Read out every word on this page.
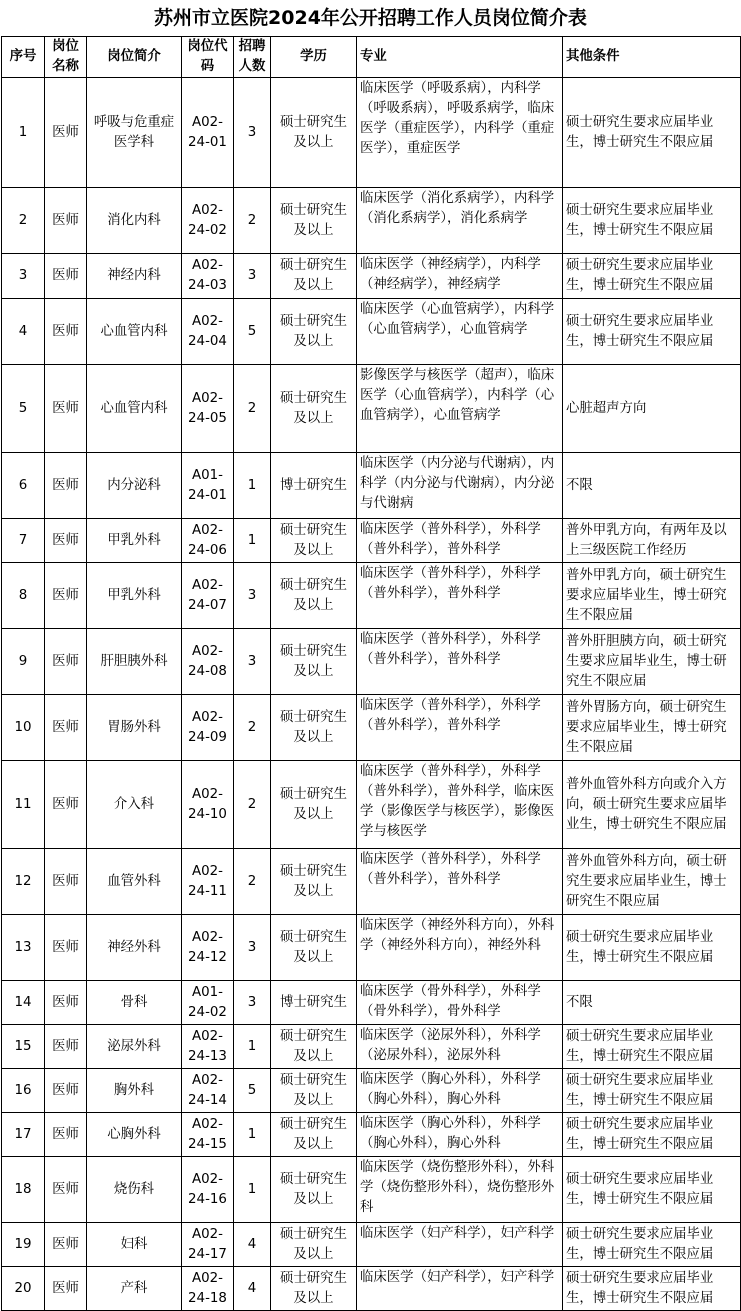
苏州市立医院2024年公开招聘工作人员岗位简介表
序号	岗位名称	岗位简介	岗位代码	招聘人数	学历	专业	其他条件
1	医师	呼吸与危重症医学科	A02-24-01	3	硕士研究生及以上	临床医学（呼吸系病），内科学（呼吸系病），呼吸系病学，临床医学（重症医学），内科学（重症医学），重症医学	硕士研究生要求应届毕业生，博士研究生不限应届
2	医师	消化内科	A02-24-02	2	硕士研究生及以上	临床医学（消化系病学），内科学（消化系病学），消化系病学	硕士研究生要求应届毕业生，博士研究生不限应届
3	医师	神经内科	A02-24-03	3	硕士研究生及以上	临床医学（神经病学），内科学（神经病学），神经病学	硕士研究生要求应届毕业生，博士研究生不限应届
4	医师	心血管内科	A02-24-04	5	硕士研究生及以上	临床医学（心血管病学），内科学（心血管病学），心血管病学	硕士研究生要求应届毕业生，博士研究生不限应届
5	医师	心血管内科	A02-24-05	2	硕士研究生及以上	影像医学与核医学（超声），临床医学（心血管病学），内科学（心血管病学），心血管病学	心脏超声方向
6	医师	内分泌科	A01-24-01	1	博士研究生	临床医学（内分泌与代谢病），内科学（内分泌与代谢病），内分泌与代谢病	不限
7	医师	甲乳外科	A02-24-06	1	硕士研究生及以上	临床医学（普外科学），外科学（普外科学），普外科学	普外甲乳方向，有两年及以上三级医院工作经历
8	医师	甲乳外科	A02-24-07	3	硕士研究生及以上	临床医学（普外科学），外科学（普外科学），普外科学	普外甲乳方向，硕士研究生要求应届毕业生，博士研究生不限应届
9	医师	肝胆胰外科	A02-24-08	3	硕士研究生及以上	临床医学（普外科学），外科学（普外科学），普外科学	普外肝胆胰方向，硕士研究生要求应届毕业生，博士研究生不限应届
10	医师	胃肠外科	A02-24-09	2	硕士研究生及以上	临床医学（普外科学），外科学（普外科学），普外科学	普外胃肠方向，硕士研究生要求应届毕业生，博士研究生不限应届
11	医师	介入科	A02-24-10	2	硕士研究生及以上	临床医学（普外科学），外科学（普外科学），普外科学，临床医学（影像医学与核医学），影像医学与核医学	普外血管外科方向或介入方向，硕士研究生要求应届毕业生，博士研究生不限应届
12	医师	血管外科	A02-24-11	2	硕士研究生及以上	临床医学（普外科学），外科学（普外科学），普外科学	普外血管外科方向，硕士研究生要求应届毕业生，博士研究生不限应届
13	医师	神经外科	A02-24-12	3	硕士研究生及以上	临床医学（神经外科方向），外科学（神经外科方向），神经外科	硕士研究生要求应届毕业生，博士研究生不限应届
14	医师	骨科	A01-24-02	3	博士研究生	临床医学（骨外科学），外科学（骨外科学），骨外科学	不限
15	医师	泌尿外科	A02-24-13	1	硕士研究生及以上	临床医学（泌尿外科），外科学（泌尿外科），泌尿外科	硕士研究生要求应届毕业生，博士研究生不限应届
16	医师	胸外科	A02-24-14	5	硕士研究生及以上	临床医学（胸心外科），外科学（胸心外科），胸心外科	硕士研究生要求应届毕业生，博士研究生不限应届
17	医师	心胸外科	A02-24-15	1	硕士研究生及以上	临床医学（胸心外科），外科学（胸心外科），胸心外科	硕士研究生要求应届毕业生，博士研究生不限应届
18	医师	烧伤科	A02-24-16	1	硕士研究生及以上	临床医学（烧伤整形外科），外科学（烧伤整形外科），烧伤整形外科	硕士研究生要求应届毕业生，博士研究生不限应届
19	医师	妇科	A02-24-17	4	硕士研究生及以上	临床医学（妇产科学），妇产科学	硕士研究生要求应届毕业生，博士研究生不限应届
20	医师	产科	A02-24-18	4	硕士研究生及以上	临床医学（妇产科学），妇产科学	硕士研究生要求应届毕业生，博士研究生不限应届
